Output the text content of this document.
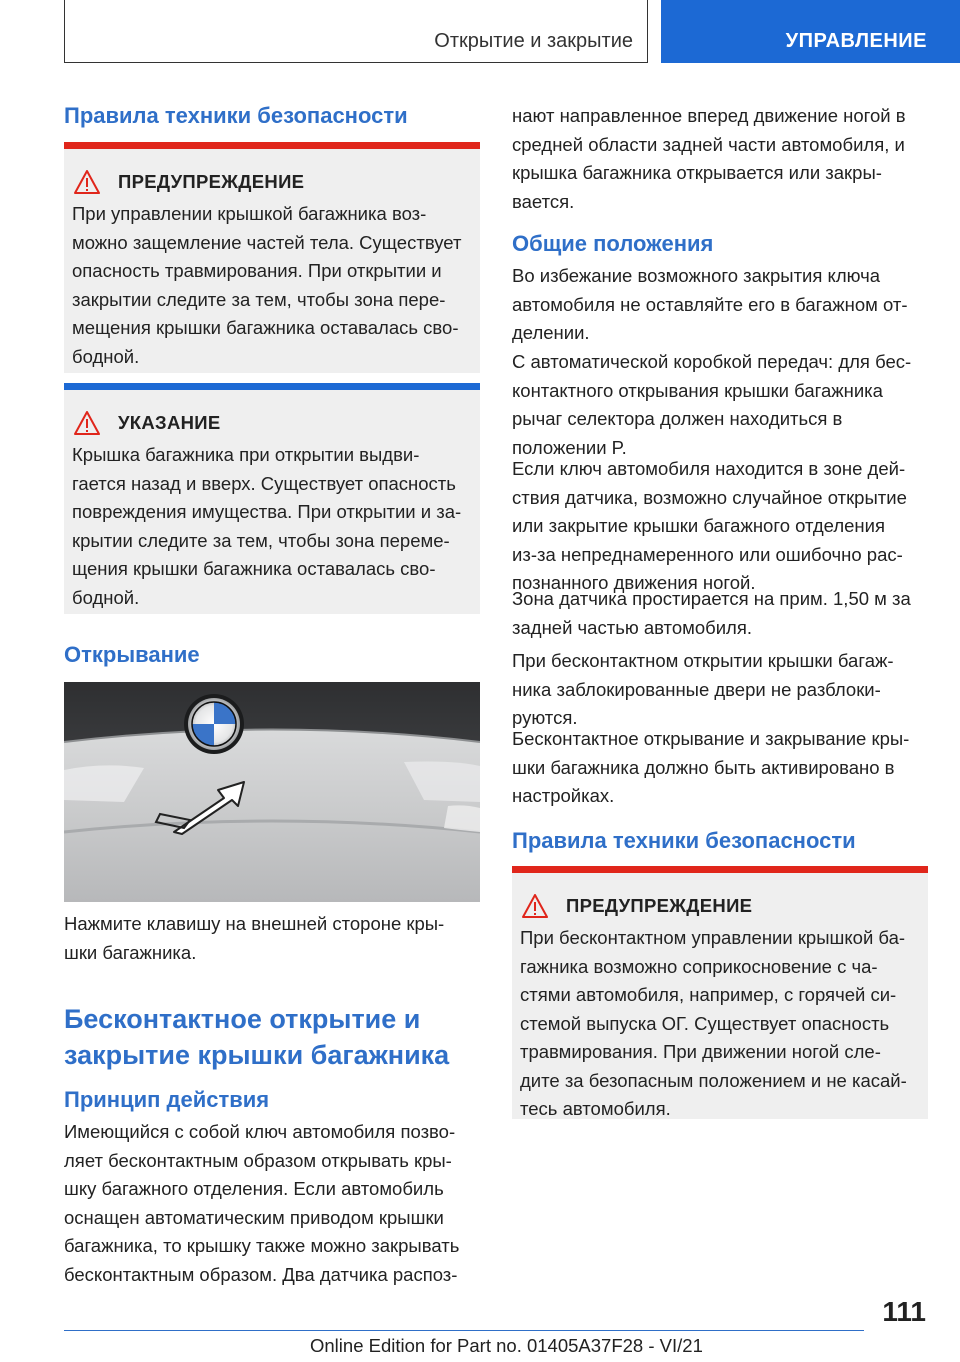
Открытие и закрытие	УПРАВЛЕНИЕ

Правила техники безопасности

ПРЕДУПРЕЖДЕНИЕ

При управлении крышкой багажника воз-

можно защемление частей тела. Существует

опасность травмирования. При открытии и

закрытии следите за тем, чтобы зона пере-

мещения крышки багажника оставалась сво-

бодной.

УКАЗАНИЕ

Крышка багажника при открытии выдви-

гается назад и вверх. Существует опасность

повреждения имущества. При открытии и за-

крытии следите за тем, чтобы зона переме-

щения крышки багажника оставалась сво-

бодной.

Открывание

Нажмите клавишу на внешней стороне кры-

шки багажника.

Бесконтактное открытие и

закрытие крышки багажника

Принцип действия

Имеющийся с собой ключ автомобиля позво-

ляет бесконтактным образом открывать кры-

шку багажного отделения. Если автомобиль

оснащен автоматическим приводом крышки

багажника, то крышку также можно закрывать

бесконтактным образом. Два датчика распоз-

нают направленное вперед движение ногой в

средней области задней части автомобиля, и

крышка багажника открывается или закры-

вается.

Общие положения

Во избежание возможного закрытия ключа

автомобиля не оставляйте его в багажном от-

делении.

С автоматической коробкой передач: для бес-

контактного открывания крышки багажника

рычаг селектора должен находиться в

положении P.

Если ключ автомобиля находится в зоне дей-

ствия датчика, возможно случайное открытие

или закрытие крышки багажного отделения

из-за непреднамеренного или ошибочно рас-

познанного движения ногой.

Зона датчика простирается на прим. 1,50 м за

задней частью автомобиля.

При бесконтактном открытии крышки багаж-

ника заблокированные двери не разблоки-

руются.

Бесконтактное открывание и закрывание кры-

шки багажника должно быть активировано в

настройках.

Правила техники безопасности

ПРЕДУПРЕЖДЕНИЕ

При бесконтактном управлении крышкой ба-

гажника возможно соприкосновение с ча-

стями автомобиля, например, с горячей си-

стемой выпуска ОГ. Существует опасность

травмирования. При движении ногой сле-

дите за безопасным положением и не касай-

тесь автомобиля.

111
Online Edition for Part no. 01405A37F28 - VI/21
